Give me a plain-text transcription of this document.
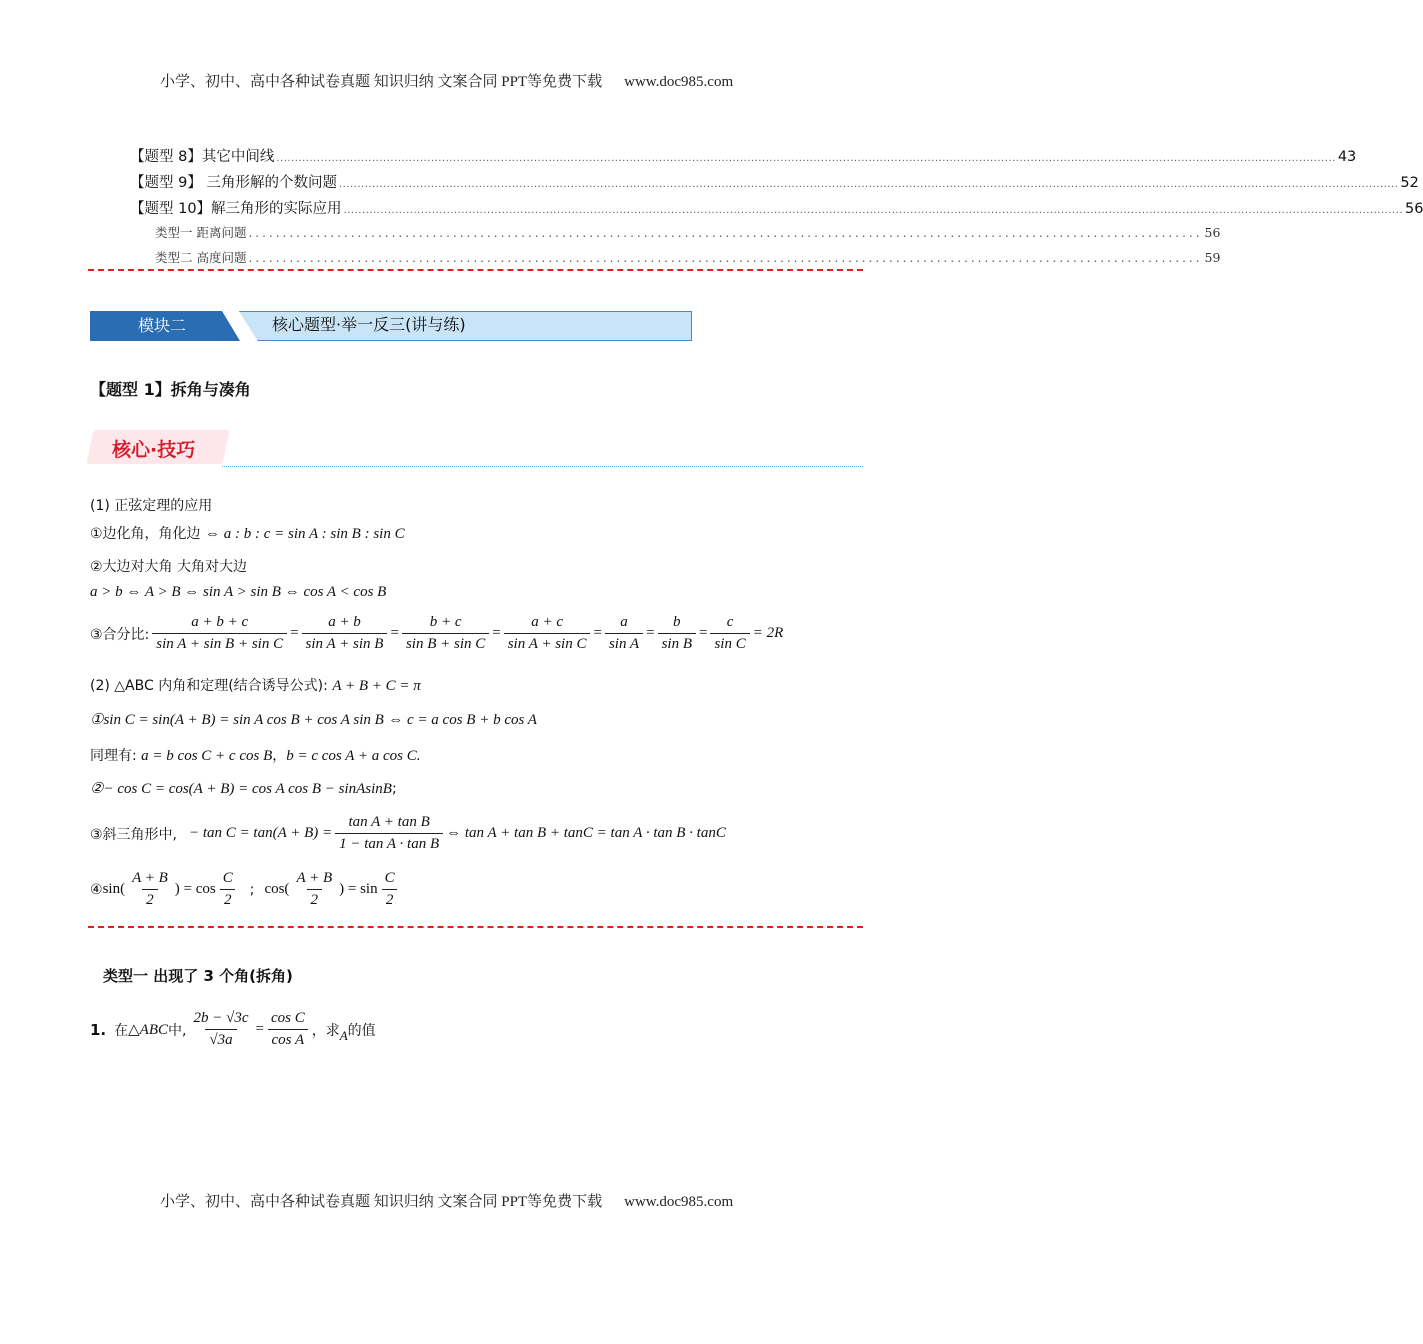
小学、初中、高中各种试卷真题 知识归纳 文案合同 PPT等免费下载 www.doc985.com
【题型 8】其它中间线 ................................................................................................................................................................................................................................................................................................ 43
【题型 9】 三角形解的个数问题 ................................................................................................................................................................................................................................................................................................ 52
【题型 10】解三角形的实际应用 ................................................................................................................................................................................................................................................................................................ 56
类型一 距离问题 ............................................................................................................................................ 56
类型二 高度问题 ............................................................................................................................................ 59
模块二	核心题型·举一反三(讲与练)
【题型 1】拆角与凑角
核心·技巧
(1) 正弦定理的应用
①边化角，角化边 ⇔ a : b : c = sin A : sin B : sin C
②大边对大角 大角对大边
a > b ⇔ A > B ⇔ sin A > sin B ⇔ cos A < cos B
③合分比: $\frac{a + b + c}{\text{sin A + sin B + sin C}} = \frac{a + b}{\text{sin A + sin B}} = \frac{b + c}{\text{sin B + sin C}} = \frac{a + c}{\text{sin A + sin C}} = \frac{a}{\text{sin A}} = \frac{b}{\text{sin B}} = \frac{c}{\text{sin C}} = 2R$
(2) △ABC 内角和定理(结合诱导公式): A + B + C = π
①sin C = sin(A + B) = sin A cos B + cos A sin B ⇔ c = a cos B + b cos A
同理有: a = b cos C + c cos B，b = c cos A + a cos C.
②− cos C = cos(A + B) = cos A cos B − sinAsinB;
③斜三角形中, − $\tan C = \tan(A + B) = \frac{\text{tan A + tan B}}{\text{1 − tan A · tan B}}$ ⇔ tan A + tan B + tanC = tan A · tan B · tanC
④ $\sin( \frac{A + B}{2}$ ) = $\cos \frac{C}{2}$ ; $\cos( \frac{A + B}{2}$ ) = $\sin \frac{C}{2}$
类型一 出现了 3 个角(拆角)
1. 在 △ABC 中, $\frac{2b - √3c}{√3a} = \frac{\text{cos C}}{\text{cos A}}$ ，求 A 的值
小学、初中、高中各种试卷真题 知识归纳 文案合同 PPT等免费下载 www.doc985.com
